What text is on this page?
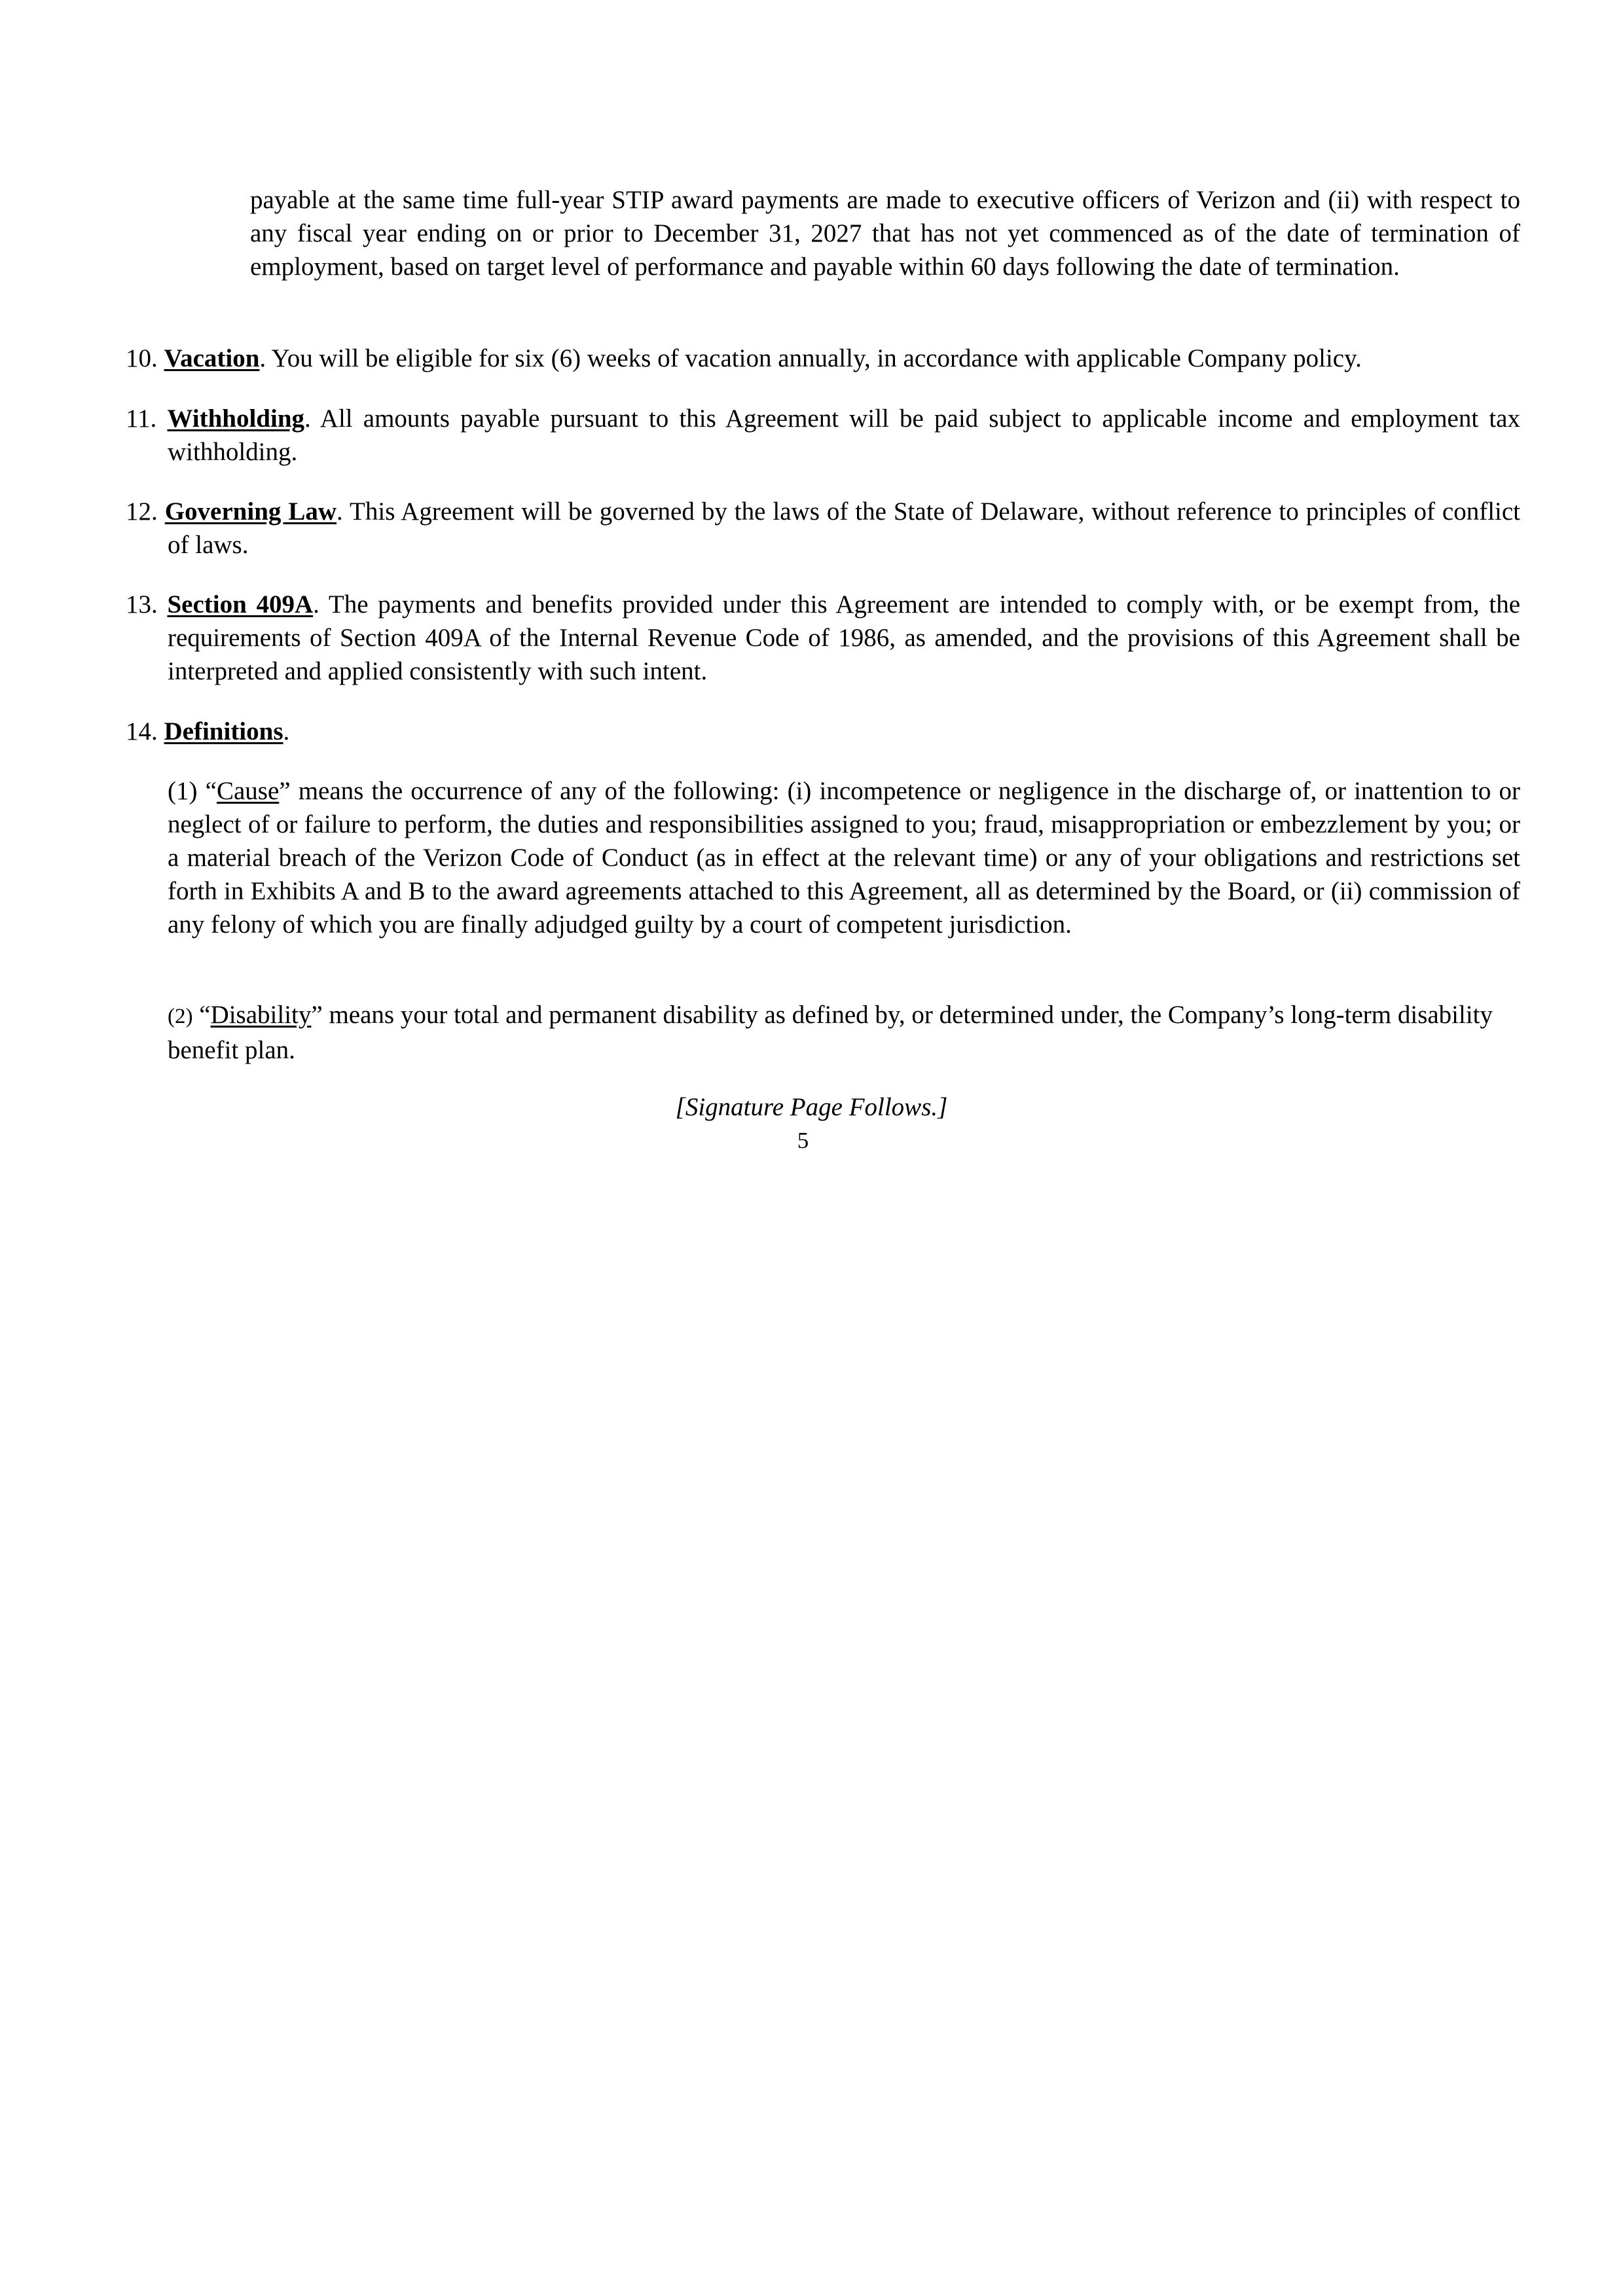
payable at the same time full-year STIP award payments are made to executive officers of Verizon and (ii) with respect to any fiscal year ending on or prior to December 31, 2027 that has not yet commenced as of the date of termination of employment, based on target level of performance and payable within 60 days following the date of termination.

10. Vacation. You will be eligible for six (6) weeks of vacation annually, in accordance with applicable Company policy.

11. Withholding. All amounts payable pursuant to this Agreement will be paid subject to applicable income and employment tax withholding.

12. Governing Law. This Agreement will be governed by the laws of the State of Delaware, without reference to principles of conflict of laws.

13. Section 409A. The payments and benefits provided under this Agreement are intended to comply with, or be exempt from, the requirements of Section 409A of the Internal Revenue Code of 1986, as amended, and the provisions of this Agreement shall be interpreted and applied consistently with such intent.

14. Definitions.

(1) “Cause” means the occurrence of any of the following: (i) incompetence or negligence in the discharge of, or inattention to or neglect of or failure to perform, the duties and responsibilities assigned to you; fraud, misappropriation or embezzlement by you; or a material breach of the Verizon Code of Conduct (as in effect at the relevant time) or any of your obligations and restrictions set forth in Exhibits A and B to the award agreements attached to this Agreement, all as determined by the Board, or (ii) commission of any felony of which you are finally adjudged guilty by a court of competent jurisdiction.

(2) “Disability” means your total and permanent disability as defined by, or determined under, the Company’s long-term disability benefit plan.

[Signature Page Follows.]
5
